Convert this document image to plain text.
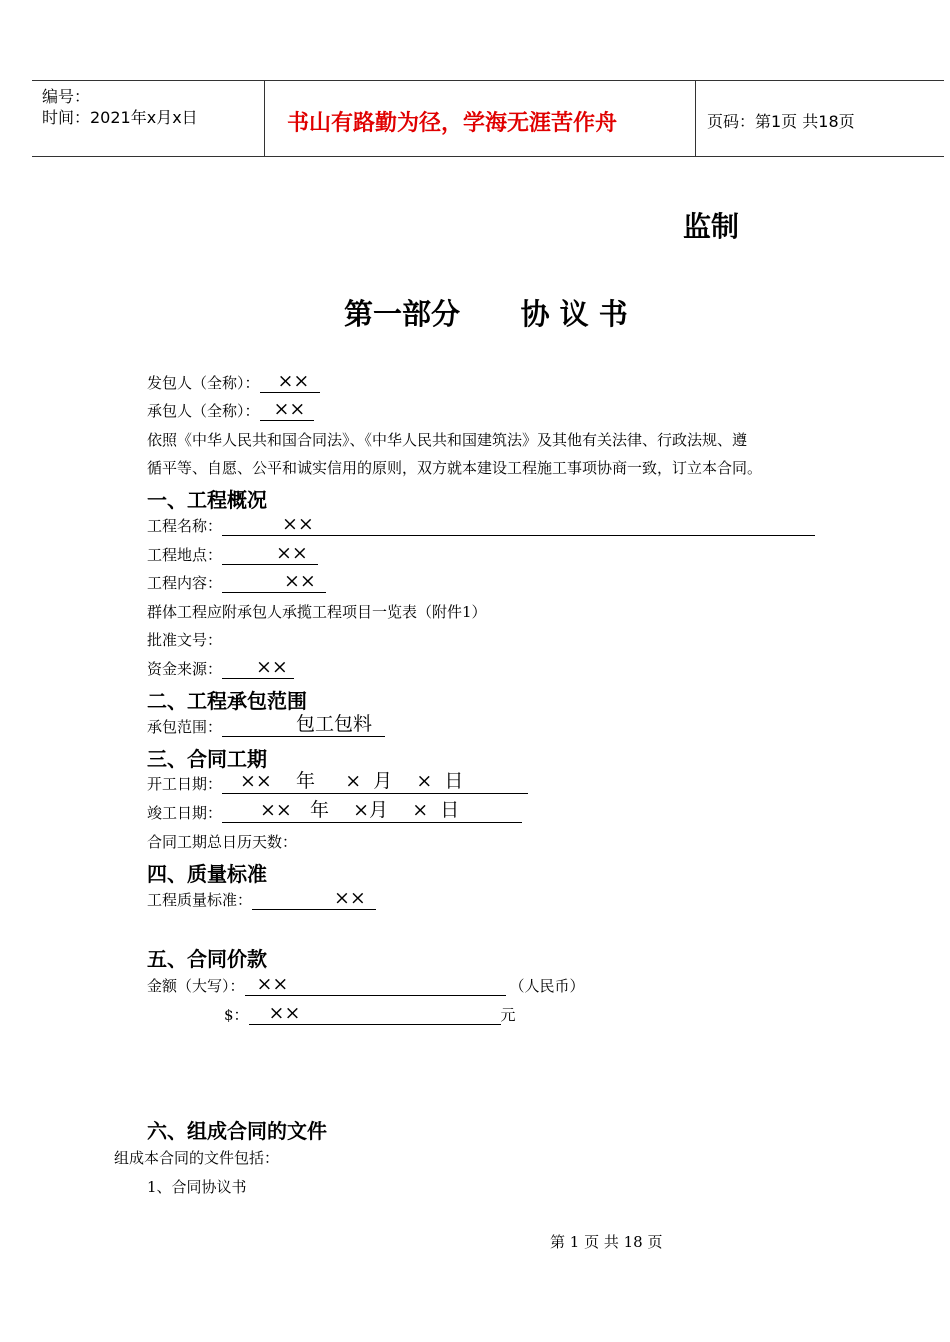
编号：
时间：2021年x月x日	书山有路勤为径，学海无涯苦作舟	页码：第1页 共18页
监制
第一部分      协 议 书
发包人（全称）： ××
承包人（全称）： ××
依照《中华人民共和国合同法》、《中华人民共和国建筑法》及其他有关法律、行政法规、遵
循平等、自愿、公平和诚实信用的原则，双方就本建设工程施工事项协商一致，订立本合同。
一、工程概况
工程名称：	××
工程地点：	××
工程内容：	××
群体工程应附承包人承揽工程项目一览表（附件1）
批准文号：
资金来源： ××
二、工程承包范围
承包范围：	包工包料
三、合同工期
开工日期： ××    年     ×  月    ×  日
竣工日期： ××   年    ×月    ×  日
合同工期总日历天数：
四、质量标准
工程质量标准：	××
五、合同价款
金额（大写）： ××	（人民币）
$： ××	元
六、组成合同的文件
组成本合同的文件包括：
1、合同协议书
第 1 页 共 18 页
